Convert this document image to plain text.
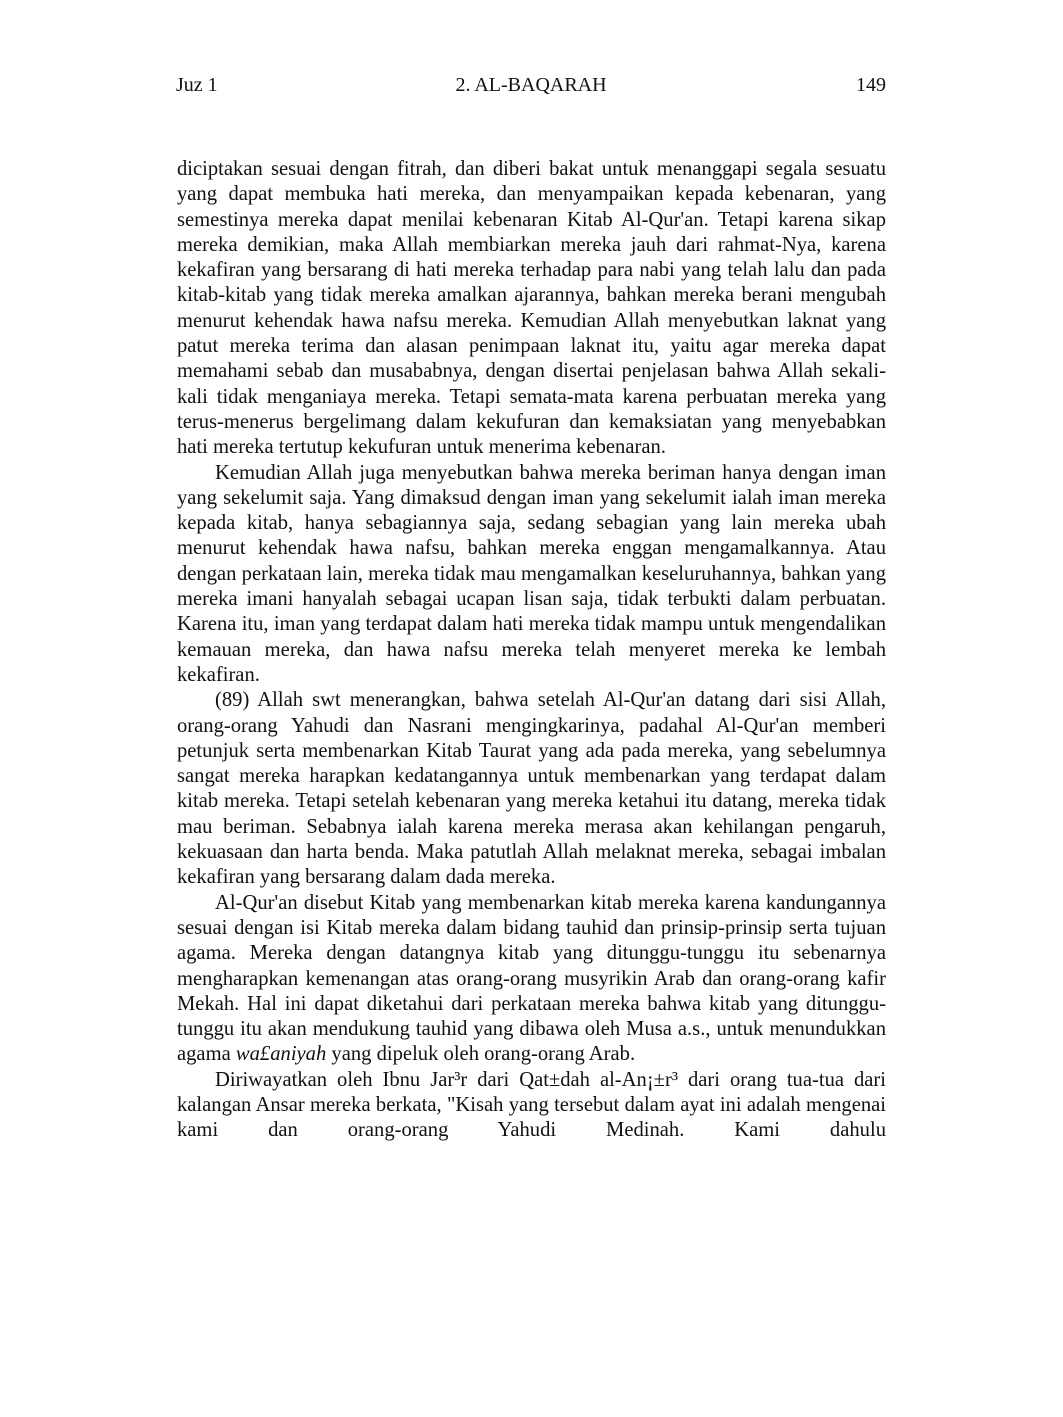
Juz 1	2. AL-BAQARAH	149

diciptakan sesuai dengan fitrah, dan diberi bakat untuk menanggapi segala sesuatu yang dapat membuka hati mereka, dan menyampaikan kepada kebenaran, yang semestinya mereka dapat menilai kebenaran Kitab Al-Qur'an. Tetapi karena sikap mereka demikian, maka Allah membiarkan mereka jauh dari rahmat-Nya, karena kekafiran yang bersarang di hati mereka terhadap para nabi yang telah lalu dan pada kitab-kitab yang tidak mereka amalkan ajarannya, bahkan mereka berani mengubah menurut kehendak hawa nafsu mereka. Kemudian Allah menyebutkan laknat yang patut mereka terima dan alasan penimpaan laknat itu, yaitu agar mereka dapat memahami sebab dan musababnya, dengan disertai penjelasan bahwa Allah sekali-kali tidak menganiaya mereka. Tetapi semata-mata karena perbuatan mereka yang terus-menerus bergelimang dalam kekufuran dan kemaksiatan yang menyebabkan hati mereka tertutup kekufuran untuk menerima kebenaran.

Kemudian Allah juga menyebutkan bahwa mereka beriman hanya dengan iman yang sekelumit saja. Yang dimaksud dengan iman yang sekelumit ialah iman mereka kepada kitab, hanya sebagiannya saja, sedang sebagian yang lain mereka ubah menurut kehendak hawa nafsu, bahkan mereka enggan mengamalkannya. Atau dengan perkataan lain, mereka tidak mau mengamalkan keseluruhannya, bahkan yang mereka imani hanyalah sebagai ucapan lisan saja, tidak terbukti dalam perbuatan. Karena itu, iman yang terdapat dalam hati mereka tidak mampu untuk mengendalikan kemauan mereka, dan hawa nafsu mereka telah menyeret mereka ke lembah kekafiran.

(89) Allah swt menerangkan, bahwa setelah Al-Qur'an datang dari sisi Allah, orang-orang Yahudi dan Nasrani mengingkarinya, padahal Al-Qur'an memberi petunjuk serta membenarkan Kitab Taurat yang ada pada mereka, yang sebelumnya sangat mereka harapkan kedatangannya untuk membenarkan yang terdapat dalam kitab mereka. Tetapi setelah kebenaran yang mereka ketahui itu datang, mereka tidak mau beriman. Sebabnya ialah karena mereka merasa akan kehilangan pengaruh, kekuasaan dan harta benda. Maka patutlah Allah melaknat mereka, sebagai imbalan kekafiran yang bersarang dalam dada mereka.

Al-Qur'an disebut Kitab yang membenarkan kitab mereka karena kandungannya sesuai dengan isi Kitab mereka dalam bidang tauhid dan prinsip-prinsip serta tujuan agama. Mereka dengan datangnya kitab yang ditunggu-tunggu itu sebenarnya mengharapkan kemenangan atas orang-orang musyrikin Arab dan orang-orang kafir Mekah. Hal ini dapat diketahui dari perkataan mereka bahwa kitab yang ditunggu-tunggu itu akan mendukung tauhid yang dibawa oleh Musa a.s., untuk menundukkan agama wa£aniyah yang dipeluk oleh orang-orang Arab.

Diriwayatkan oleh Ibnu Jar³r dari Qat±dah al-An¡±r³ dari orang tua-tua dari kalangan Ansar mereka berkata, "Kisah yang tersebut dalam ayat ini adalah mengenai kami dan orang-orang Yahudi Medinah. Kami dahulu
